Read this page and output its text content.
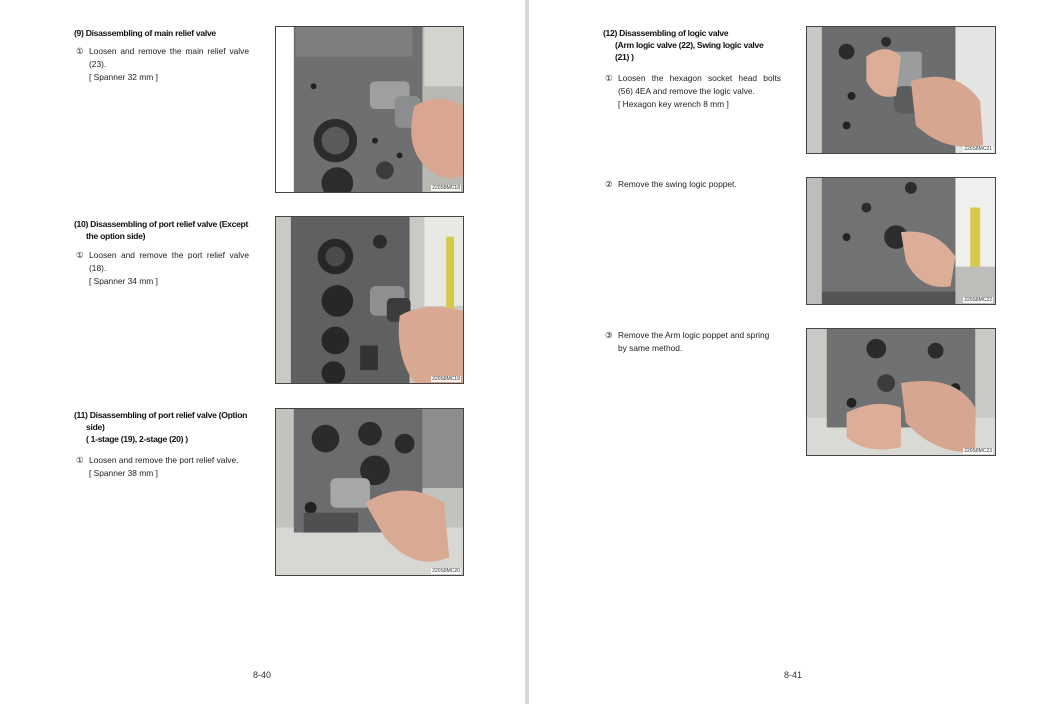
(9) Disassembling of main relief valve
① Loosen and remove the main relief valve
(23).
[ Spanner 32 mm ]
220S8MC18
(10) Disassembling of port relief valve (Except
the option side)
① Loosen and remove the port relief valve
(18).
[ Spanner 34 mm ]
220S8MC19
(11) Disassembling of port relief valve (Option
side)
( 1-stage (19), 2-stage (20) )
① Loosen and remove the port relief valve.
[ Spanner 38 mm ]
220S8MC20
8-40
(12) Disassembling of logic valve
(Arm logic valve (22), Swing logic valve
(21) )
① Loosen the hexagon socket head bolts
(56) 4EA and remove the logic valve.
[ Hexagon key wrench 8 mm ]
220S8MC21
② Remove the swing logic poppet.
220S8MC22
③ Remove the Arm logic poppet and spring
by same method.
220S8MC23
8-41
